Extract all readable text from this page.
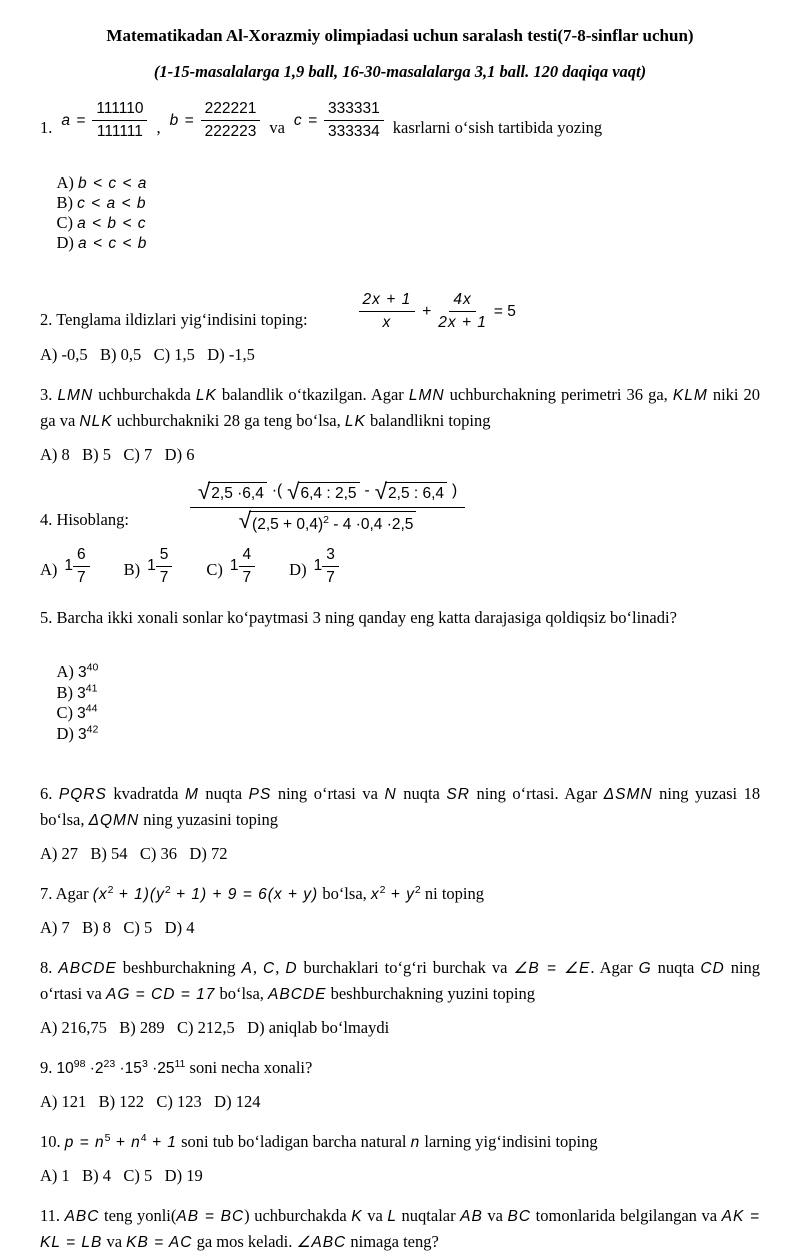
Matematikadan Al-Xorazmiy olimpiadasi uchun saralash testi(7-8-sinflar uchun)

(1-15-masalalarga 1,9 ball, 16-30-masalalarga 3,1 ball. 120 daqiqa vaqt)

1. $a = \frac{111110}{111111}$ , $b = \frac{222221}{222223}$ va $c = \frac{333331}{333334}$ kasrlarni o‘sish tartibida yozing

A) b < c < a
B) c < a < b
C) a < b < c
D) a < c < b

2. Tenglama ildizlari yig‘indisini toping:	$\frac{2x + 1}{x} + \frac{4x}{2x + 1} = 5$

A) -0,5   B) 0,5   C) 1,5   D) -1,5

3. LMN uchburchakda LK balandlik o‘tkazilgan. Agar LMN uchburchakning perimetri 36 ga, KLM niki 20 ga va NLK uchburchakniki 28 ga teng bo‘lsa, LK balandlikni toping

A) 8   B) 5   C) 7   D) 6

4. Hisoblang:
√ 2,5 ·6,4 ·( √ 6,4 : 2,5 - √ 2,5 : 6,4 )
√ $(2,5 + 0,4)^2 - 4 \cdot 0,4 \cdot 2,5$
A) $1 \frac{6}{7} B$) $1 \frac{5}{7} C$) $1 \frac{4}{7} D$) $1 \frac{3}{7}$

5. Barcha ikki xonali sonlar ko‘paytmasi 3 ning qanday eng katta darajasiga qoldiqsiz bo‘linadi?

A) $3^{40}$
B) $3^{41}$
C) $3^{44}$
D) $3^{42}$

6. PQRS kvadratda M nuqta PS ning o‘rtasi va N nuqta SR ning o‘rtasi. Agar ΔSMN ning yuzasi 18 bo‘lsa, ΔQMN ning yuzasini toping

A) 27   B) 54   C) 36   D) 72

7. Agar $(x^2 + 1)(y^2 + 1) + 9 = 6(x + y)$ bo‘lsa, $x^2 + y^2$ ni toping

A) 7   B) 8   C) 5   D) 4

8. ABCDE beshburchakning A, C, D burchaklari to‘g‘ri burchak va ∠B = ∠E. Agar G nuqta CD ning o‘rtasi va AG = CD = 17 bo‘lsa, ABCDE beshburchakning yuzini toping

A) 216,75   B) 289   C) 212,5   D) aniqlab bo‘lmaydi

9. $10^{98} \cdot 2^{23} \cdot 15^3 \cdot 25^{11}$ soni necha xonali?

A) 121   B) 122   C) 123   D) 124

10. $p = n^5 + n^4 + 1$ soni tub bo‘ladigan barcha natural n larning yig‘indisini toping

A) 1   B) 4   C) 5   D) 19

11. ABC teng yonli(AB = BC) uchburchakda K va L nuqtalar AB va BC tomonlarida belgilangan va AK = KL = LB va KB = AC ga mos keladi. ∠ABC nimaga teng?
